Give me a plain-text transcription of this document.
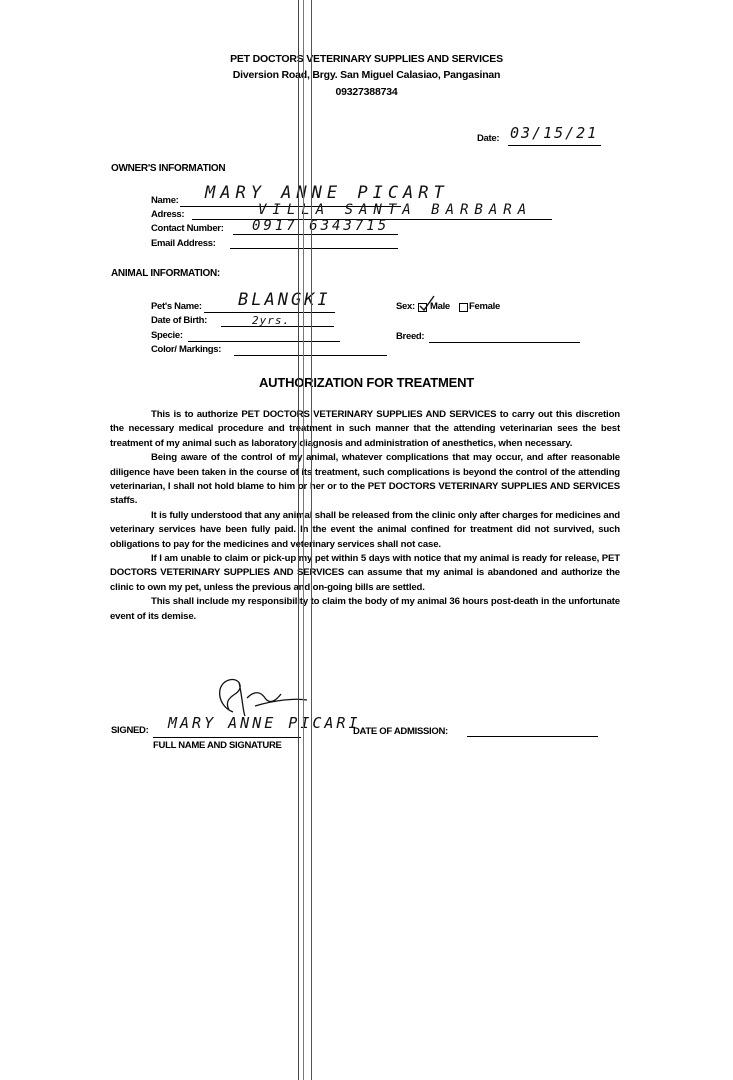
PET DOCTORS VETERINARY SUPPLIES AND SERVICES
Diversion Road, Brgy. San Miguel Calasiao, Pangasinan
09327388734
Date: 03/15/21
OWNER'S INFORMATION
Name: MARY ANNE PICART
Adress:	VILLA SANTA BARBARA
Contact Number: 0917 6343715
Email Address:
ANIMAL INFORMATION:
Pet's Name: BLANGKI
Date of Birth:	2yrs.
Specie:
Color/ Markings:
Sex: Male Female
Breed:
AUTHORIZATION FOR TREATMENT

This is to authorize PET DOCTORS VETERINARY SUPPLIES AND SERVICES to carry out this discretion the necessary medical procedure and treatment in such manner that the attending veterinarian sees the best treatment of my animal such as laboratory diagnosis and administration of anesthetics, when necessary.

Being aware of the control of my animal, whatever complications that may occur, and after reasonable diligence have been taken in the course of its treatment, such complications is beyond the control of the attending veterinarian, I shall not hold blame to him or her or to the PET DOCTORS VETERINARY SUPPLIES AND SERVICES staffs.

It is fully understood that any animal shall be released from the clinic only after charges for medicines and veterinary services have been fully paid. In the event the animal confined for treatment did not survived, such obligations to pay for the medicines and veterinary services shall not case.

If I am unable to claim or pick-up my pet within 5 days with notice that my animal is ready for release, PET DOCTORS VETERINARY SUPPLIES AND SERVICES can assume that my animal is abandoned and authorize the clinic to own my pet, unless the previous and on-going bills are settled.

This shall include my responsibility to claim the body of my animal 36 hours post-death in the unfortunate event of its demise.

SIGNED: MARY ANNE PICARI
FULL NAME AND SIGNATURE
DATE OF ADMISSION:
